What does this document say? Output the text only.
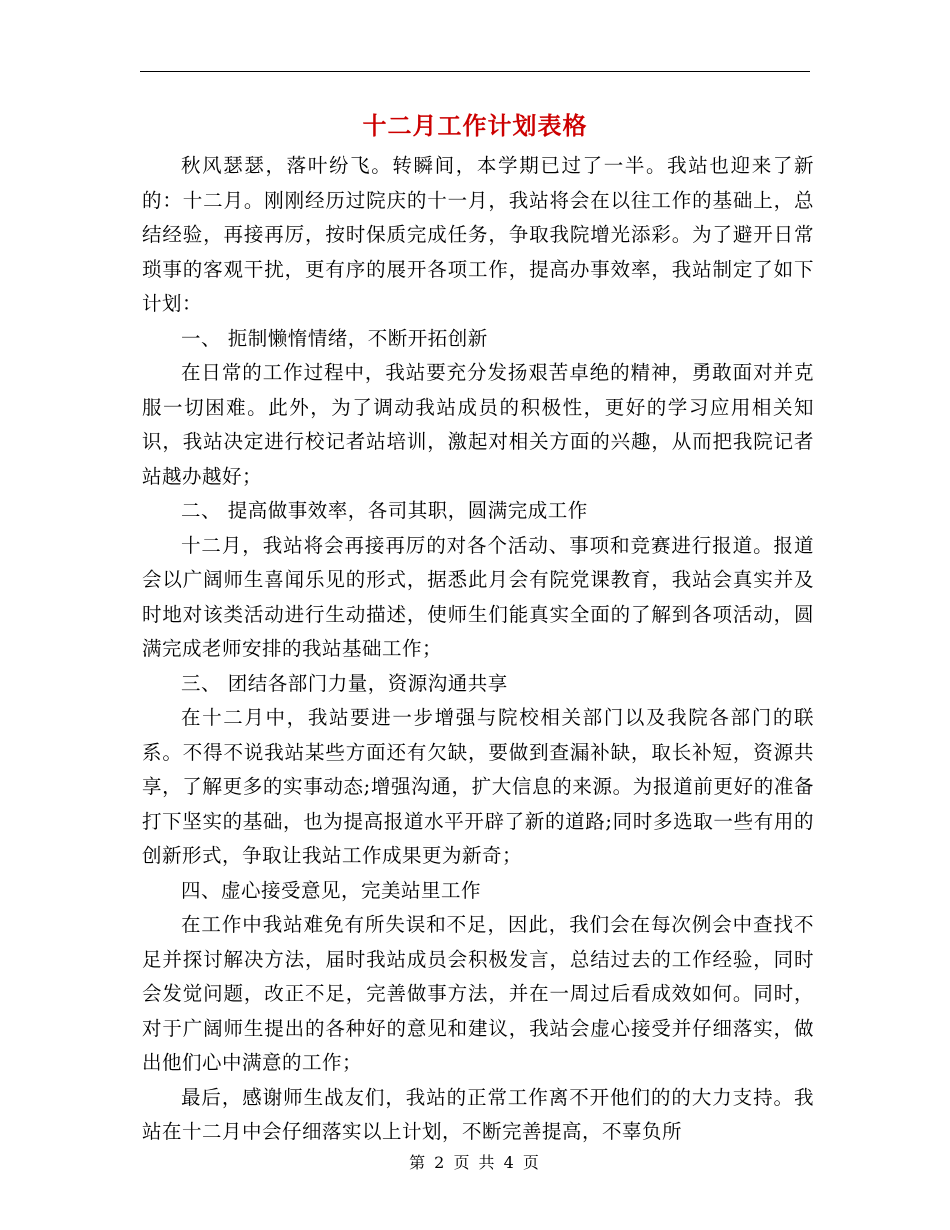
十二月工作计划表格

秋风瑟瑟，落叶纷飞。转瞬间，本学期已过了一半。我站也迎来了新的：十二月。刚刚经历过院庆的十一月，我站将会在以往工作的基础上，总结经验，再接再厉，按时保质完成任务，争取我院增光添彩。为了避开日常琐事的客观干扰，更有序的展开各项工作，提高办事效率，我站制定了如下计划：

一、 扼制懒惰情绪，不断开拓创新

在日常的工作过程中，我站要充分发扬艰苦卓绝的精神，勇敢面对并克服一切困难。此外，为了调动我站成员的积极性，更好的学习应用相关知识，我站决定进行校记者站培训，激起对相关方面的兴趣，从而把我院记者站越办越好；

二、 提高做事效率，各司其职，圆满完成工作

十二月，我站将会再接再厉的对各个活动、事项和竞赛进行报道。报道会以广阔师生喜闻乐见的形式，据悉此月会有院党课教育，我站会真实并及时地对该类活动进行生动描述，使师生们能真实全面的了解到各项活动，圆满完成老师安排的我站基础工作；

三、 团结各部门力量，资源沟通共享

在十二月中，我站要进一步增强与院校相关部门以及我院各部门的联系。不得不说我站某些方面还有欠缺，要做到查漏补缺，取长补短，资源共享，了解更多的实事动态;增强沟通，扩大信息的来源。为报道前更好的准备打下坚实的基础，也为提高报道水平开辟了新的道路;同时多选取一些有用的创新形式，争取让我站工作成果更为新奇；

四、虚心接受意见，完美站里工作

在工作中我站难免有所失误和不足，因此，我们会在每次例会中查找不足并探讨解决方法，届时我站成员会积极发言，总结过去的工作经验，同时会发觉问题，改正不足，完善做事方法，并在一周过后看成效如何。同时，对于广阔师生提出的各种好的意见和建议，我站会虚心接受并仔细落实，做出他们心中满意的工作；

最后，感谢师生战友们，我站的正常工作离不开他们的的大力支持。我站在十二月中会仔细落实以上计划，不断完善提高，不辜负所

第 2 页 共 4 页
